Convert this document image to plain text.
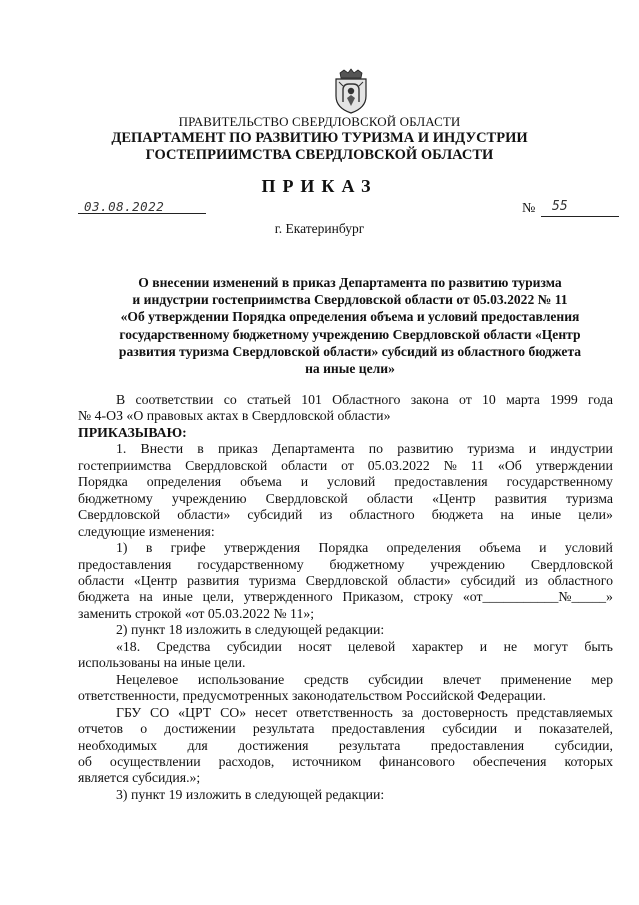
ПРАВИТЕЛЬСТВО СВЕРДЛОВСКОЙ ОБЛАСТИ
ДЕПАРТАМЕНТ ПО РАЗВИТИЮ ТУРИЗМА И ИНДУСТРИИ
ГОСТЕПРИИМСТВА СВЕРДЛОВСКОЙ ОБЛАСТИ
ПРИКАЗ
03.08.2022	№ 55
г. Екатеринбург
О внесении изменений в приказ Департамента по развитию туризма
и индустрии гостеприимства Свердловской области от 05.03.2022 № 11
«Об утверждении Порядка определения объема и условий предоставления
государственному бюджетному учреждению Свердловской области «Центр
развития туризма Свердловской области» субсидий из областного бюджета
на иные цели»
В соответствии со статьей 101 Областного закона от 10 марта 1999 года
№ 4-ОЗ «О правовых актах в Свердловской области»
ПРИКАЗЫВАЮ:
1. Внести в приказ Департамента по развитию туризма и индустрии
гостеприимства Свердловской области от 05.03.2022 № 11 «Об утверждении
Порядка определения объема и условий предоставления государственному
бюджетному учреждению Свердловской области «Центр развития туризма
Свердловской области» субсидий из областного бюджета на иные цели»
следующие изменения:
1) в грифе утверждения Порядка определения объема и условий
предоставления государственному бюджетному учреждению Свердловской
области «Центр развития туризма Свердловской области» субсидий из областного
бюджета на иные цели, утвержденного Приказом, строку «от___________№_____»
заменить строкой «от 05.03.2022 № 11»;
2) пункт 18 изложить в следующей редакции:
«18. Средства субсидии носят целевой характер и не могут быть
использованы на иные цели.
Нецелевое использование средств субсидии влечет применение мер
ответственности, предусмотренных законодательством Российской Федерации.
ГБУ СО «ЦРТ СО» несет ответственность за достоверность представляемых
отчетов о достижении результата предоставления субсидии и показателей,
необходимых для достижения результата предоставления субсидии,
об осуществлении расходов, источником финансового обеспечения которых
является субсидия.»;
3) пункт 19 изложить в следующей редакции:
